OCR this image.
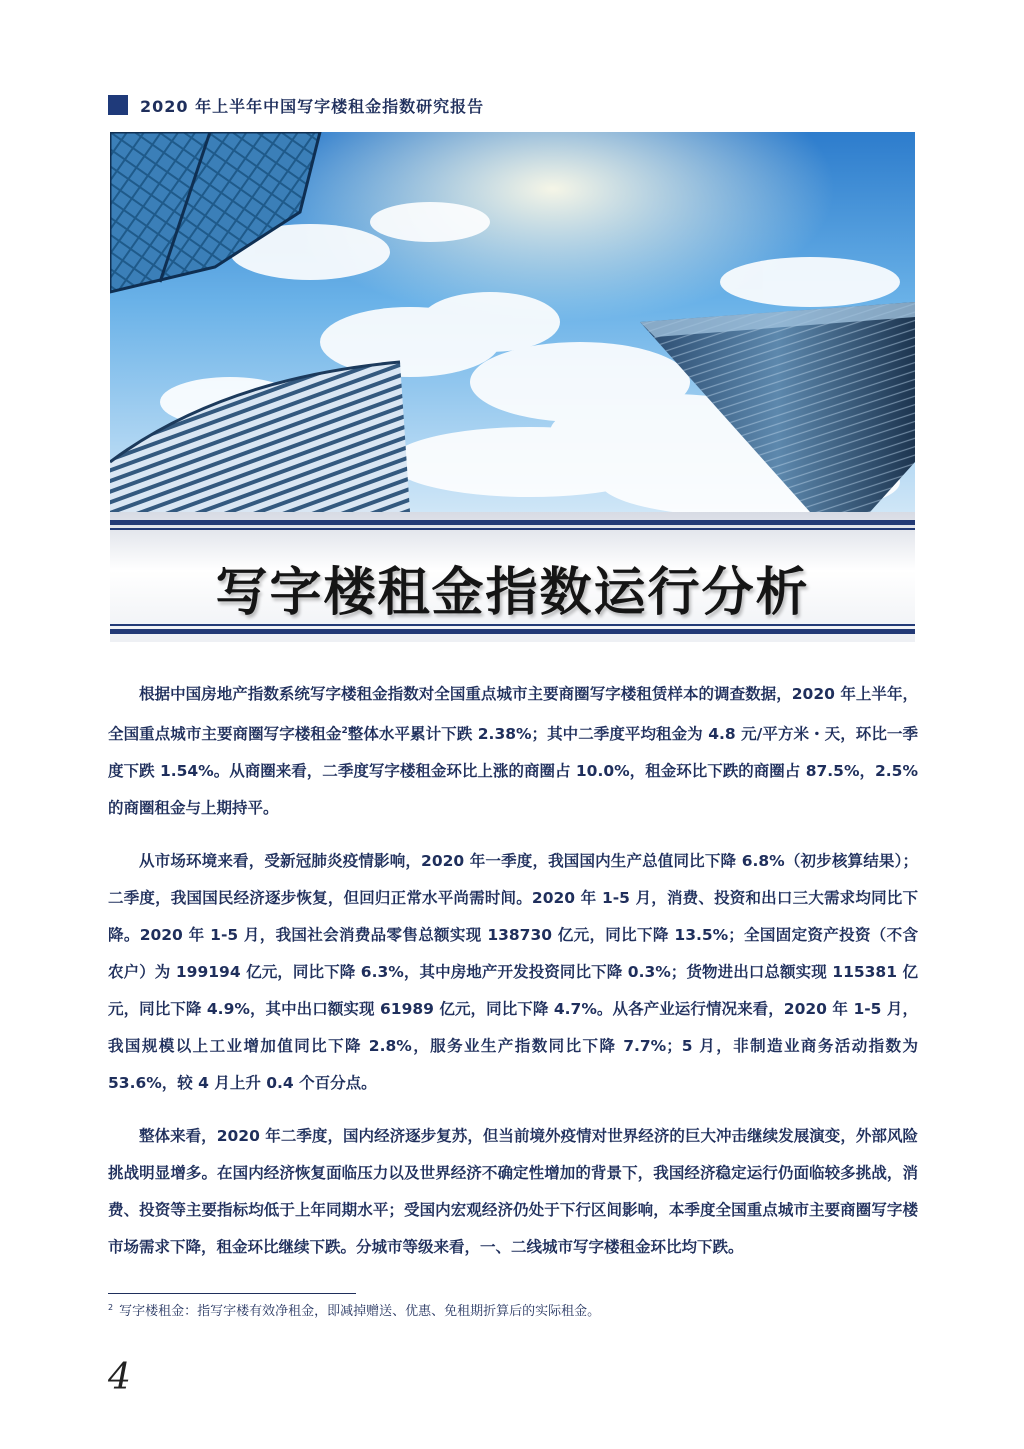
2020 年上半年中国写字楼租金指数研究报告
写字楼租金指数运行分析

根据中国房地产指数系统写字楼租金指数对全国重点城市主要商圈写字楼租赁样本的调查数据，2020 年上半年，全国重点城市主要商圈写字楼租金$^2$整体水平累计下跌 2.38%；其中二季度平均租金为 4.8 元/平方米・天，环比一季度下跌 1.54%。从商圈来看，二季度写字楼租金环比上涨的商圈占 10.0%，租金环比下跌的商圈占 87.5%，2.5%的商圈租金与上期持平。

从市场环境来看，受新冠肺炎疫情影响，2020 年一季度，我国国内生产总值同比下降 6.8%（初步核算结果）；二季度，我国国民经济逐步恢复，但回归正常水平尚需时间。2020 年 1-5 月，消费、投资和出口三大需求均同比下降。2020 年 1-5 月，我国社会消费品零售总额实现 138730 亿元，同比下降 13.5%；全国固定资产投资（不含农户）为 199194 亿元，同比下降 6.3%，其中房地产开发投资同比下降 0.3%；货物进出口总额实现 115381 亿元，同比下降 4.9%，其中出口额实现 61989 亿元，同比下降 4.7%。从各产业运行情况来看，2020 年 1-5 月，我国规模以上工业增加值同比下降 2.8%，服务业生产指数同比下降 7.7%；5 月，非制造业商务活动指数为 53.6%，较 4 月上升 0.4 个百分点。

整体来看，2020 年二季度，国内经济逐步复苏，但当前境外疫情对世界经济的巨大冲击继续发展演变，外部风险挑战明显增多。在国内经济恢复面临压力以及世界经济不确定性增加的背景下，我国经济稳定运行仍面临较多挑战，消费、投资等主要指标均低于上年同期水平；受国内宏观经济仍处于下行区间影响，本季度全国重点城市主要商圈写字楼市场需求下降，租金环比继续下跌。分城市等级来看，一、二线城市写字楼租金环比均下跌。

$^2$ 写字楼租金：指写字楼有效净租金，即减掉赠送、优惠、免租期折算后的实际租金。
4
